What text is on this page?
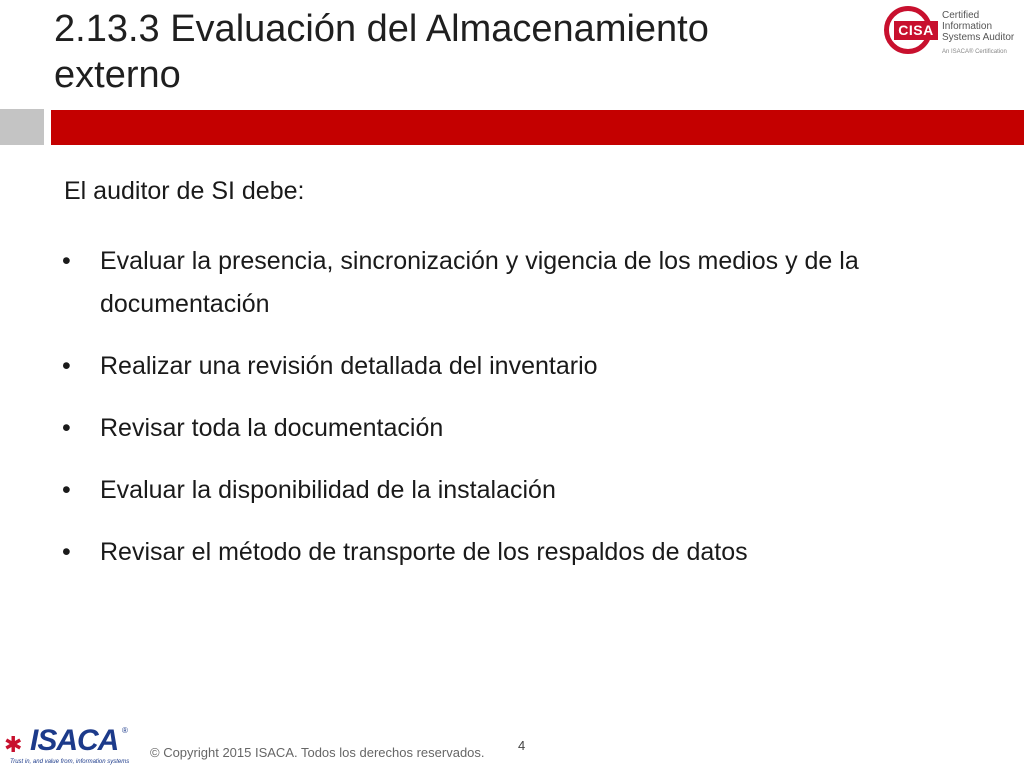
2.13.3 Evaluación del Almacenamiento
externo
CISA
Certified Information
Systems Auditor
An ISACA® Certification
El auditor de SI debe:
• Evaluar la presencia, sincronización y vigencia de los medios y de la documentación
• Realizar una revisión detallada del inventario
• Revisar toda la documentación
• Evaluar la disponibilidad de la instalación
• Revisar el método de transporte de los respaldos de datos
✱ ISACA ®
Trust in, and value from, information systems
4
© Copyright 2015 ISACA. Todos los derechos reservados.
